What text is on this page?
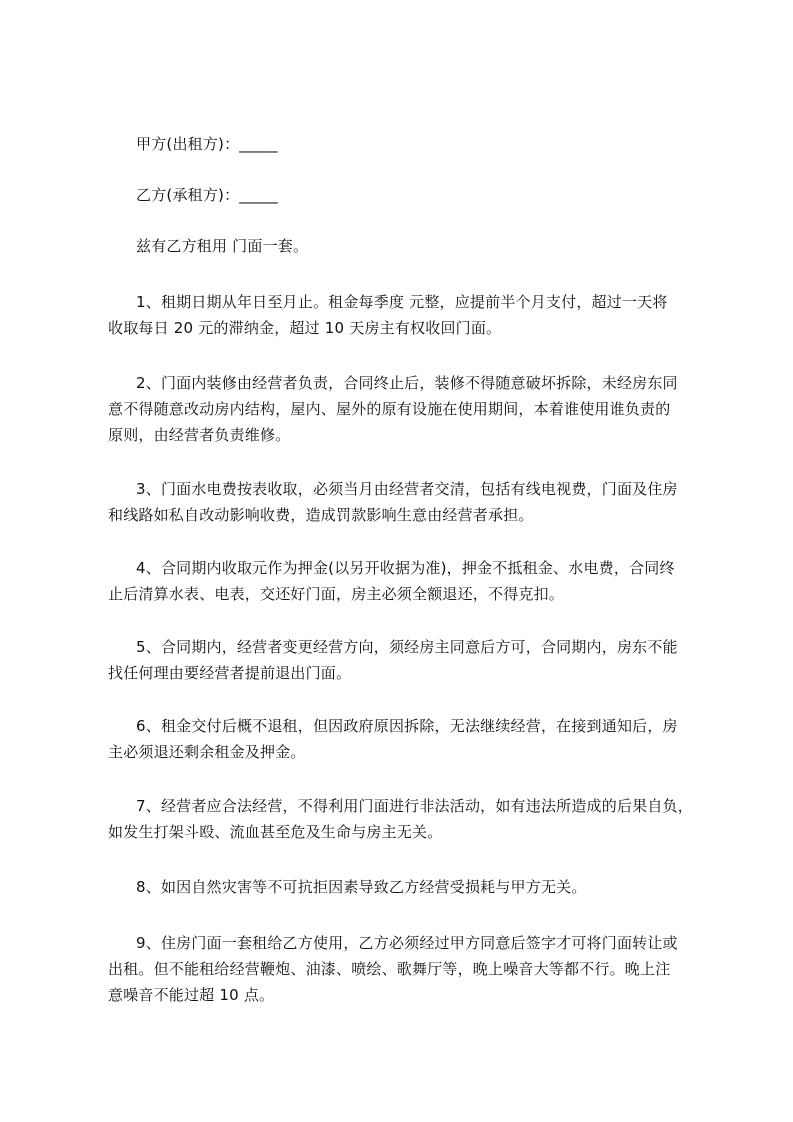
甲方(出租方)：_____
乙方(承租方)：_____
兹有乙方租用 门面一套。
1、租期日期从年日至月止。租金每季度 元整，应提前半个月支付，超过一天将
收取每日 20 元的滞纳金，超过 10 天房主有权收回门面。
2、门面内装修由经营者负责，合同终止后，装修不得随意破坏拆除，未经房东同
意不得随意改动房内结构，屋内、屋外的原有设施在使用期间，本着谁使用谁负责的
原则，由经营者负责维修。
3、门面水电费按表收取，必须当月由经营者交清，包括有线电视费，门面及住房
和线路如私自改动影响收费，造成罚款影响生意由经营者承担。
4、合同期内收取元作为押金(以另开收据为准)，押金不抵租金、水电费，合同终
止后清算水表、电表，交还好门面，房主必须全额退还，不得克扣。
5、合同期内，经营者变更经营方向，须经房主同意后方可，合同期内，房东不能
找任何理由要经营者提前退出门面。
6、租金交付后概不退租，但因政府原因拆除，无法继续经营，在接到通知后，房
主必须退还剩余租金及押金。
7、经营者应合法经营，不得利用门面进行非法活动，如有违法所造成的后果自负，
如发生打架斗殴、流血甚至危及生命与房主无关。
8、如因自然灾害等不可抗拒因素导致乙方经营受损耗与甲方无关。
9、住房门面一套租给乙方使用，乙方必须经过甲方同意后签字才可将门面转让或
出租。但不能租给经营鞭炮、油漆、喷绘、歌舞厅等，晚上噪音大等都不行。晚上注
意噪音不能过超 10 点。
